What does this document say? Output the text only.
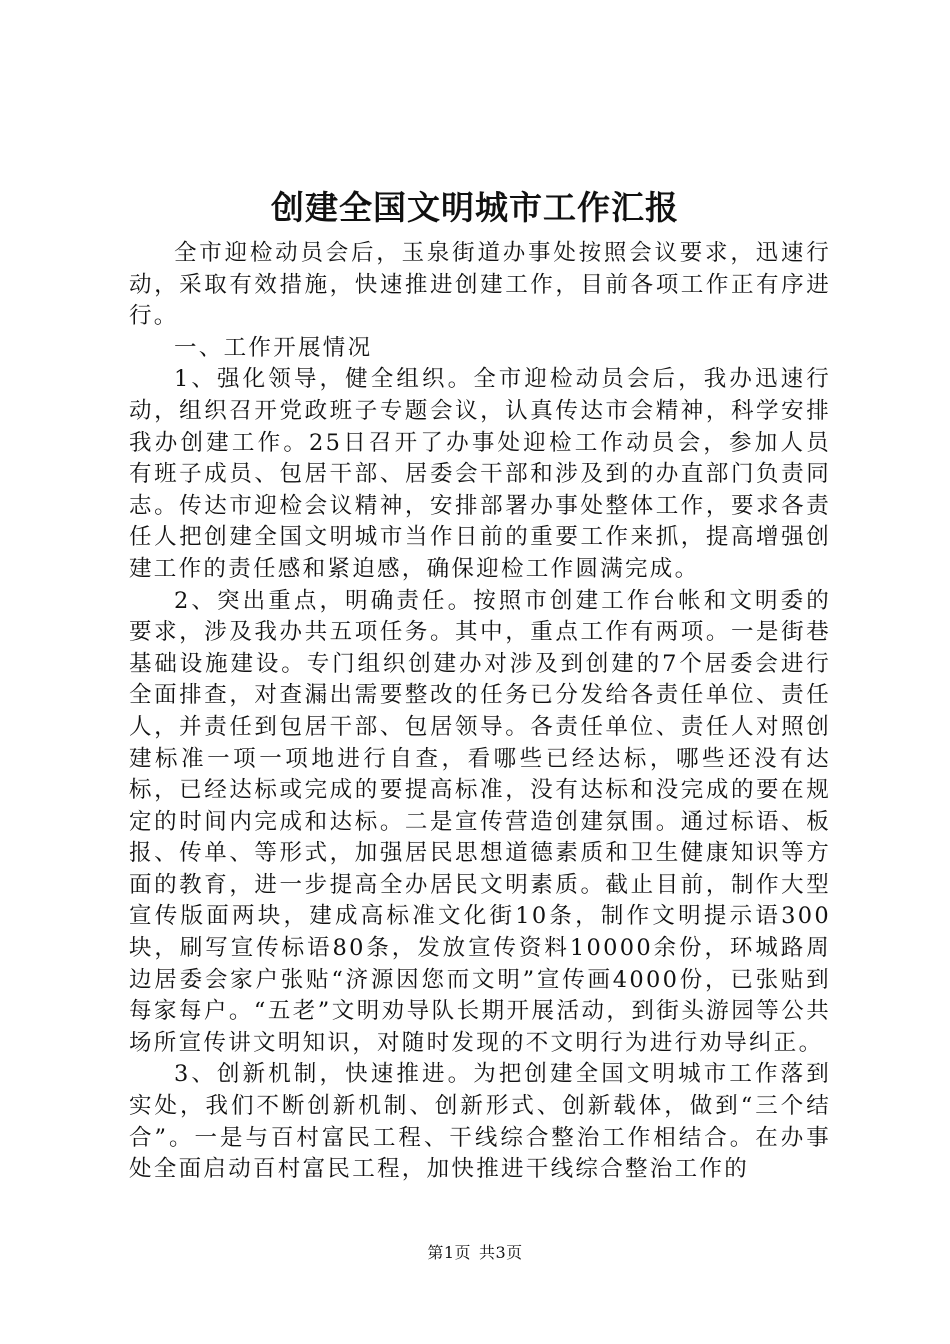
创建全国文明城市工作汇报

全市迎检动员会后，玉泉街道办事处按照会议要求，迅速行动，采取有效措施，快速推进创建工作，目前各项工作正有序进行。

一、工作开展情况

1、强化领导，健全组织。全市迎检动员会后，我办迅速行动，组织召开党政班子专题会议，认真传达市会精神，科学安排我办创建工作。25日召开了办事处迎检工作动员会，参加人员有班子成员、包居干部、居委会干部和涉及到的办直部门负责同志。传达市迎检会议精神，安排部署办事处整体工作，要求各责任人把创建全国文明城市当作日前的重要工作来抓，提高增强创建工作的责任感和紧迫感，确保迎检工作圆满完成。

2、突出重点，明确责任。按照市创建工作台帐和文明委的要求，涉及我办共五项任务。其中，重点工作有两项。一是街巷基础设施建设。专门组织创建办对涉及到创建的7个居委会进行全面排查，对查漏出需要整改的任务已分发给各责任单位、责任人，并责任到包居干部、包居领导。各责任单位、责任人对照创建标准一项一项地进行自查，看哪些已经达标，哪些还没有达标，已经达标或完成的要提高标准，没有达标和没完成的要在规定的时间内完成和达标。二是宣传营造创建氛围。通过标语、板报、传单、等形式，加强居民思想道德素质和卫生健康知识等方面的教育，进一步提高全办居民文明素质。截止目前，制作大型宣传版面两块，建成高标准文化街10条，制作文明提示语300块，刷写宣传标语80条，发放宣传资料10000余份，环城路周边居委会家户张贴“济源因您而文明”宣传画4000份，已张贴到每家每户。“五老”文明劝导队长期开展活动，到街头游园等公共场所宣传讲文明知识，对随时发现的不文明行为进行劝导纠正。

3、创新机制，快速推进。为把创建全国文明城市工作落到实处，我们不断创新机制、创新形式、创新载体，做到“三个结合”。一是与百村富民工程、干线综合整治工作相结合。在办事处全面启动百村富民工程，加快推进干线综合整治工作的

第1页 共3页
